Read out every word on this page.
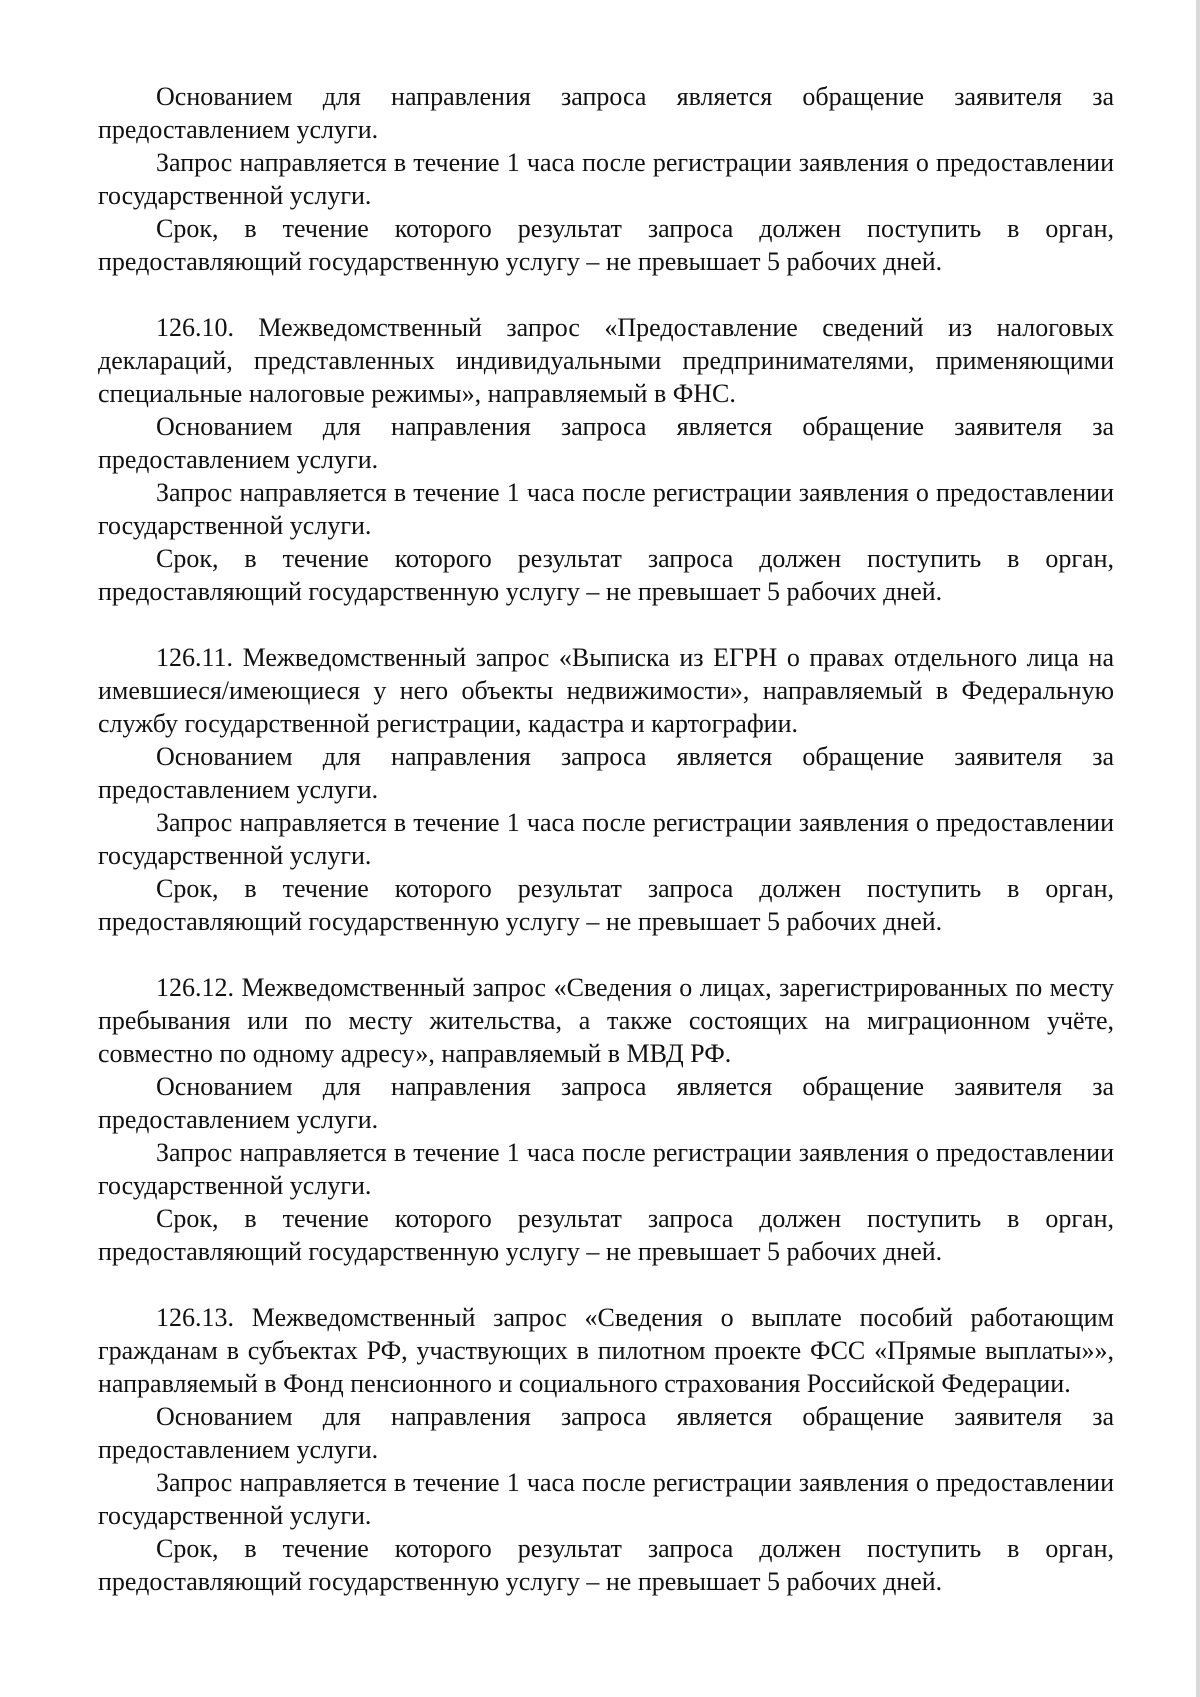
Основанием для направления запроса является обращение заявителя за предоставлением услуги.

Запрос направляется в течение 1 часа после регистрации заявления о предоставлении государственной услуги.

Срок, в течение которого результат запроса должен поступить в орган, предоставляющий государственную услугу – не превышает 5 рабочих дней.

126.10. Межведомственный запрос «Предоставление сведений из налоговых деклараций, представленных индивидуальными предпринимателями, применяющими специальные налоговые режимы», направляемый в ФНС.

Основанием для направления запроса является обращение заявителя за предоставлением услуги.

Запрос направляется в течение 1 часа после регистрации заявления о предоставлении государственной услуги.

Срок, в течение которого результат запроса должен поступить в орган, предоставляющий государственную услугу – не превышает 5 рабочих дней.

126.11. Межведомственный запрос «Выписка из ЕГРН о правах отдельного лица на имевшиеся/имеющиеся у него объекты недвижимости», направляемый в Федеральную службу государственной регистрации, кадастра и картографии.

Основанием для направления запроса является обращение заявителя за предоставлением услуги.

Запрос направляется в течение 1 часа после регистрации заявления о предоставлении государственной услуги.

Срок, в течение которого результат запроса должен поступить в орган, предоставляющий государственную услугу – не превышает 5 рабочих дней.

126.12. Межведомственный запрос «Сведения о лицах, зарегистрированных по месту пребывания или по месту жительства, а также состоящих на миграционном учёте, совместно по одному адресу», направляемый в МВД РФ.

Основанием для направления запроса является обращение заявителя за предоставлением услуги.

Запрос направляется в течение 1 часа после регистрации заявления о предоставлении государственной услуги.

Срок, в течение которого результат запроса должен поступить в орган, предоставляющий государственную услугу – не превышает 5 рабочих дней.

126.13. Межведомственный запрос «Сведения о выплате пособий работающим гражданам в субъектах РФ, участвующих в пилотном проекте ФСС «Прямые выплаты»», направляемый в Фонд пенсионного и социального страхования Российской Федерации.

Основанием для направления запроса является обращение заявителя за предоставлением услуги.

Запрос направляется в течение 1 часа после регистрации заявления о предоставлении государственной услуги.

Срок, в течение которого результат запроса должен поступить в орган, предоставляющий государственную услугу – не превышает 5 рабочих дней.
